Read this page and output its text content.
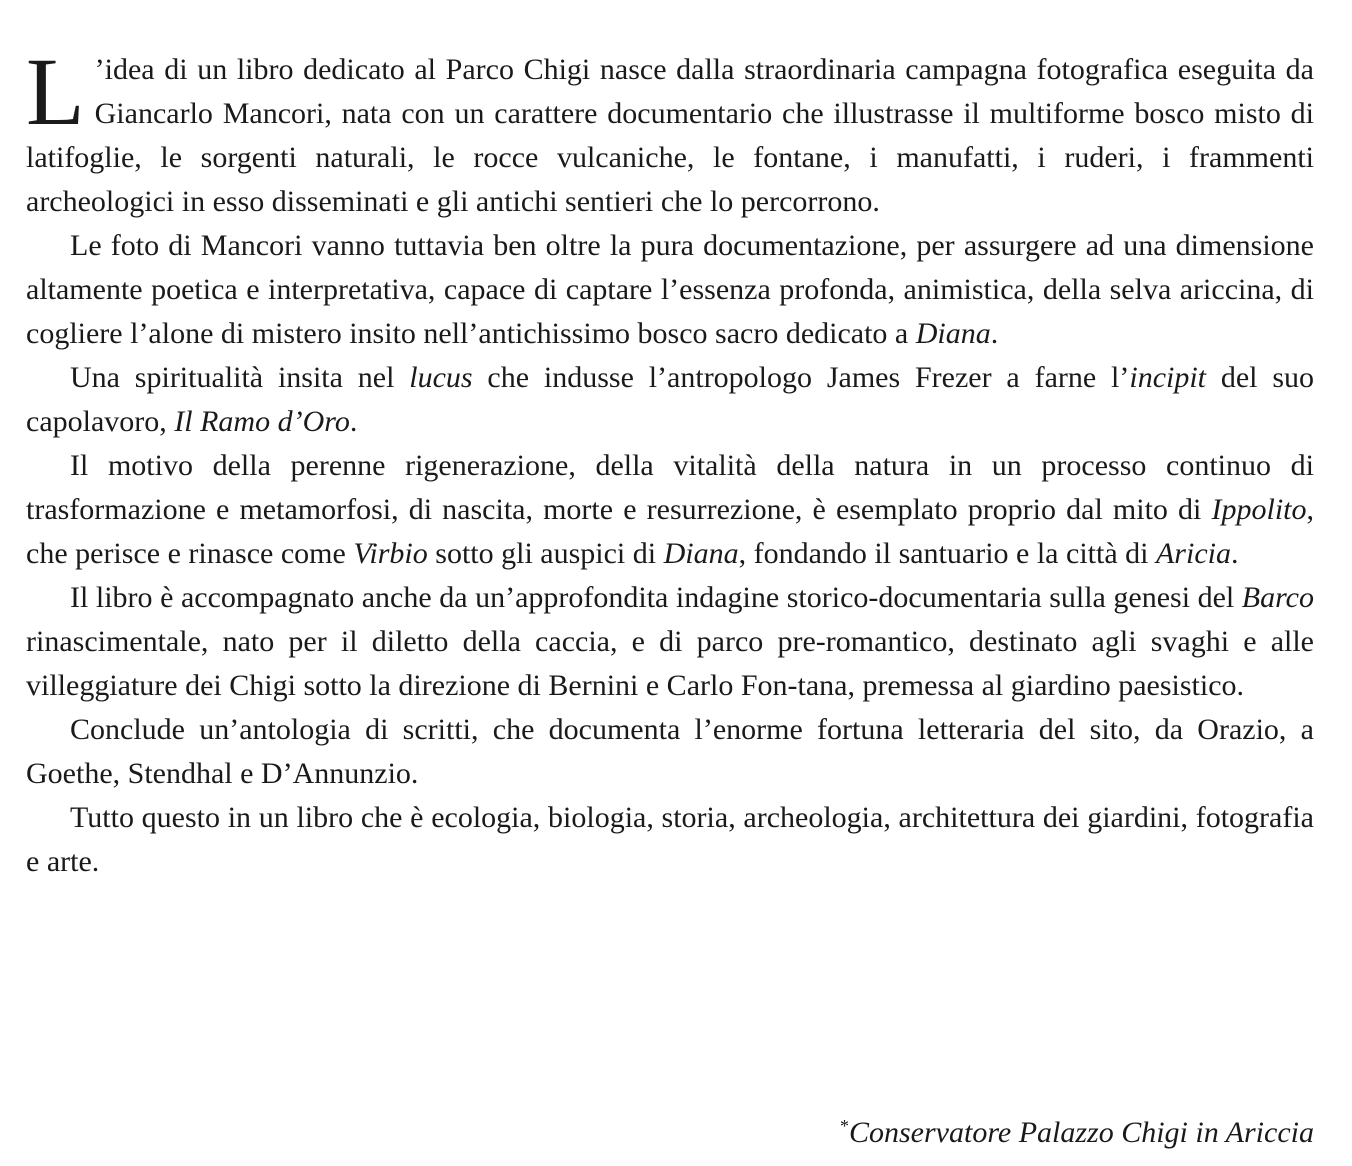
L ’idea di un libro dedicato al Parco Chigi nasce dalla straordinaria campagna fotografica eseguita da Giancarlo Mancori, nata con un carattere documentario che illustrasse il multiforme bosco misto di latifoglie, le sorgenti naturali, le rocce vulcaniche, le fontane, i manufatti, i ruderi, i frammenti archeologici in esso disseminati e gli antichi sentieri che lo percorrono.

Le foto di Mancori vanno tuttavia ben oltre la pura documentazione, per assurgere ad una dimensione altamente poetica e interpretativa, capace di captare l’essenza profonda, animistica, della selva ariccina, di cogliere l’alone di mistero insito nell’antichissimo bosco sacro dedicato a Diana.

Una spiritualità insita nel lucus che indusse l’antropologo James Frezer a farne l’incipit del suo capolavoro, Il Ramo d’Oro.

Il motivo della perenne rigenerazione, della vitalità della natura in un processo continuo di trasformazione e metamorfosi, di nascita, morte e resurrezione, è esemplato proprio dal mito di Ippolito, che perisce e rinasce come Virbio sotto gli auspici di Diana, fondando il santuario e la città di Aricia.

Il libro è accompagnato anche da un’approfondita indagine storico-documentaria sulla genesi del Barco rinascimentale, nato per il diletto della caccia, e di parco pre-romantico, destinato agli svaghi e alle villeggiature dei Chigi sotto la direzione di Bernini e Carlo Fon-tana, premessa al giardino paesistico.

Conclude un’antologia di scritti, che documenta l’enorme fortuna letteraria del sito, da Orazio, a Goethe, Stendhal e D’Annunzio.

Tutto questo in un libro che è ecologia, biologia, storia, archeologia, architettura dei giardini, fotografia e arte.

*Conservatore Palazzo Chigi in Ariccia
